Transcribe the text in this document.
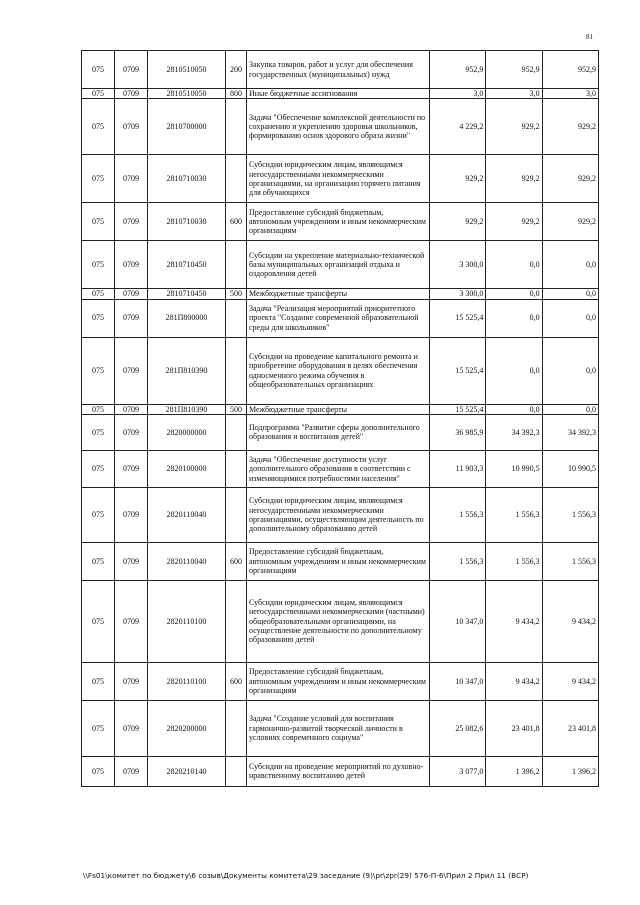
81
075	0709	2810510050	200	Закупка товаров, работ и услуг для обеспечения государственных (муниципальных) нужд	952,9	952,9	952,9
075	0709	2810510050	800	Иные бюджетные ассигнования	3,0	3,0	3,0
075	0709	2810700000		Задача "Обеспечение комплексной деятельности по сохранению и укреплению здоровья школьников, формированию основ здорового образа жизни"	4 229,2	929,2	929,2
075	0709	2810710030		Субсидии юридическим лицам, являющимся негосударственными некоммерческими организациями, на организацию горячего питания для обучающихся	929,2	929,2	929,2
075	0709	2810710030	600	Предоставление субсидий бюджетным, автономным учреждениям и иным некоммерческим организациям	929,2	929,2	929,2
075	0709	2810710450		Субсидии на укрепление материально-технической базы муниципальных организаций отдыха и оздоровления детей	3 300,0	0,0	0,0
075	0709	2810710450	500	Межбюджетные трансферты	3 300,0	0,0	0,0
075	0709	281П800000		Задача "Реализация мероприятий приоритетного проекта "Создание современной образовательной среды для школьников"	15 525,4	0,0	0,0
075	0709	281П810390		Субсидии на проведение капитального ремонта и приобретение оборудования в целях обеспечения односменного режима обучения в общеобразовательных организациях	15 525,4	0,0	0,0
075	0709	281П810390	500	Межбюджетные трансферты	15 525,4	0,0	0,0
075	0709	2820000000		Подпрограмма "Развитие сферы дополнительного образования и воспитания детей"	36 985,9	34 392,3	34 392,3
075	0709	2820100000		Задача "Обеспечение доступности услуг дополнительного образования в соответствии с изменяющимися потребностями населения"	11 903,3	10 990,5	10 990,5
075	0709	2820110040		Субсидии юридическим лицам, являющимся негосударственными некоммерческими организациями, осуществляющим деятельность по дополнительному образованию детей	1 556,3	1 556,3	1 556,3
075	0709	2820110040	600	Предоставление субсидий бюджетным, автономным учреждениям и иным некоммерческим организациям	1 556,3	1 556,3	1 556,3
075	0709	2820110100		Субсидии юридическим лицам, являющимся негосударственными некоммерческими (частными) общеобразовательными организациями, на осуществление деятельности по дополнительному образованию детей	10 347,0	9 434,2	9 434,2
075	0709	2820110100	600	Предоставление субсидий бюджетным, автономным учреждениям и иным некоммерческим организациям	10 347,0	9 434,2	9 434,2
075	0709	2820200000		Задача "Создание условий для воспитания гармонично-развитой творческой личности в условиях современного социума"	25 082,6	23 401,8	23 401,8
075	0709	2820210140		Субсидии на проведение мероприятий по духовно-нравственному воспитанию детей	3 077,0	1 396,2	1 396,2
\\Fs01\комитет по бюджету\6 созыв\Документы комитета\29 заседание (9)\pr\zpr(29) 576-П-6\Прил 2 Прил 11 (ВСР)
